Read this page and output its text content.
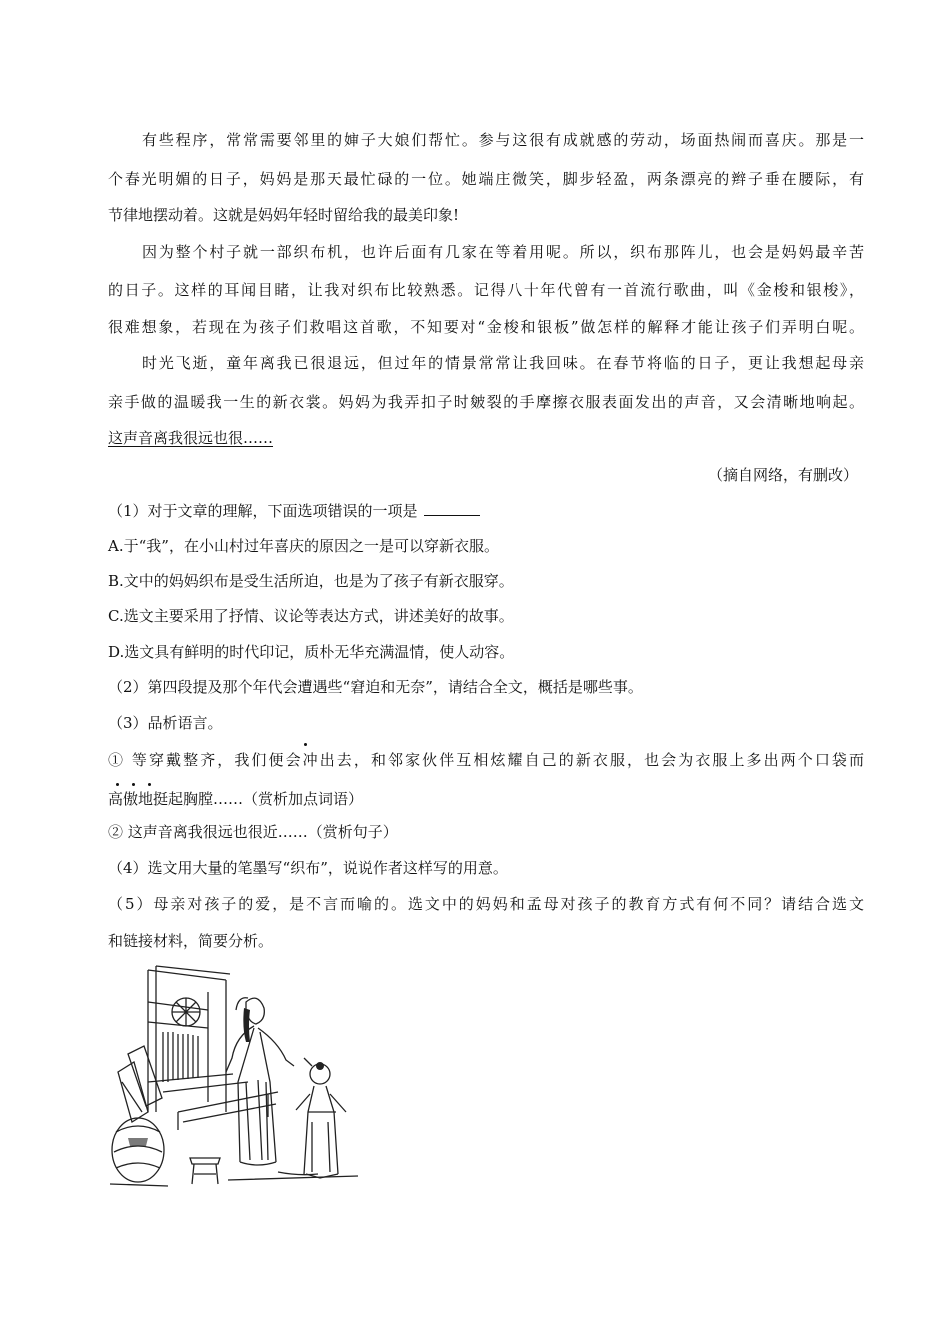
有些程序，常常需要邻里的婶子大娘们帮忙。参与这很有成就感的劳动，场面热闹而喜庆。那是一
个春光明媚的日子，妈妈是那天最忙碌的一位。她端庄微笑，脚步轻盈，两条漂亮的辫子垂在腰际，有
节律地摆动着。这就是妈妈年轻时留给我的最美印象!
因为整个村子就一部织布机，也许后面有几家在等着用呢。所以，织布那阵儿，也会是妈妈最辛苦
的日子。这样的耳闻目睹，让我对织布比较熟悉。记得八十年代曾有一首流行歌曲，叫《金梭和银梭》，
很难想象，若现在为孩子们救唱这首歌，不知要对“金梭和银板”做怎样的解释才能让孩子们弄明白呢。
时光飞逝，童年离我已很退远，但过年的情景常常让我回味。在春节将临的日子，更让我想起母亲
亲手做的温暖我一生的新衣裳。妈妈为我弄扣子时皴裂的手摩擦衣服表面发出的声音，又会清晰地响起。
这声音离我很远也很……
（摘自网络，有删改）
（1）对于文章的理解，下面选项错误的一项是
A.于“我”，在小山村过年喜庆的原因之一是可以穿新衣服。
B.文中的妈妈织布是受生活所迫，也是为了孩子有新衣服穿。
C.选文主要采用了抒情、议论等表达方式，讲述美好的故事。
D.选文具有鲜明的时代印记，质朴无华充满温情，使人动容。
（2）第四段提及那个年代会遭遇些“窘迫和无奈”，请结合全文，概括是哪些事。
（3）品析语言。
① 等穿戴整齐，我们便会冲出去，和邻家伙伴互相炫耀自己的新衣服，也会为衣服上多出两个口袋而
高傲地挺起胸膛……（赏析加点词语）
② 这声音离我很远也很近……（赏析句子）
（4）选文用大量的笔墨写“织布”，说说作者这样写的用意。
（5）母亲对孩子的爱，是不言而喻的。选文中的妈妈和孟母对孩子的教育方式有何不同？请结合选文
和链接材料，简要分析。
